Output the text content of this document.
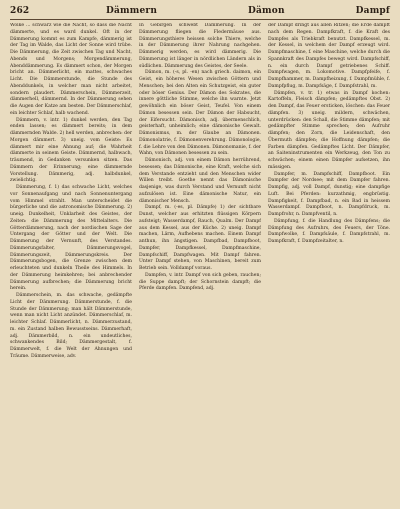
262	Dämmern	Dämon	Dampf

Wolke ... schwarz wie die Nacht, so dass die Nacht dämmerte, und es ward dunkel. Oft in der Dämmerung kommt es zum Kampfe, dämmerig ist der Tag im Walde, das Licht der Sonne wird trübe. Die Dämmerung, die Zeit zwischen Tag und Nacht, Abends und Morgens; Morgendämmerung, Abenddämmerung. Es dämmert schon, der Morgen bricht an. Dämmerlicht, ein mattes, schwaches Licht. Die Dämmerstunde, die Stunde des Abenddunkels, in welcher man nicht arbeitet, sondern plaudert. Dämmerschein, Dämmerzeit, dämmerhell, dämmernd. In der Dämmerung sehen die Augen der Katze am besten. Der Dämmerschlaf, ein leichter Schlaf, halb wachend.

Dämmern, v. intr. 1) dunkel werden, den Tag enden lassen; es dämmert bereits; in dem dämmernden Walde. 2) hell werden, anbrechen: der Morgen dämmert. 3) uneig. vom Geiste: Es dämmert mir eine Ahnung auf; die Wahrheit dämmerte in seinem Geiste. Dämmernd, halbwach, träumend, in Gedanken versunken sitzen. Das Dämmern der Erinnerung; eine dämmernde Vorstellung. Dämmerig, adj. halbdunkel, zwielichtig.

Dämmerung, f. 1) das schwache Licht, welches vor Sonnenaufgang und nach Sonnenuntergang vom Himmel strahlt. Man unterscheidet die bürgerliche und die astronomische Dämmerung. 2) uneig. Dunkelheit, Unklarheit des Geistes, der Zeiten: die Dämmerung des Mittelalters. Die Götterdämmerung, nach der nordischen Sage der Untergang der Götter und der Welt. Die Dämmerung der Vernunft, des Verstandes. Dämmerungsfalter, Dämmerungsvogel, Dämmerungszeit, Dämmerungskreis. Der Dämmerungsbogen, die Grenze zwischen dem erleuchteten und dunkeln Theile des Himmels. In der Dämmerung heimkehren; bei anbrechender Dämmerung aufbrechen; die Dämmerung bricht herein.

Dämmerschein, m. das schwache, gedämpfte Licht der Dämmerung. Dämmerstunde, f. die Stunde der Dämmerung; man hält Dämmerstunde, wenn man nicht Licht anzündet. Dämmerschlaf, m. leichter Schlaf. Dämmerlicht, n. Dämmerzustand, m. ein Zustand halben Bewusstseins. Dämmerhaft, adj. Dämmerbild, n. ein undeutliches, schwankendes Bild; Dämmergestalt, f. Dämmerwelt, f. die Welt der Ahnungen und Träume. Dämmerweise, adv.

In Gebirgen schwebt Dämmerung. In der Dämmerung fliegen die Fledermäuse aus. Dämmerungsthiere heissen solche Thiere, welche in der Dämmerung ihrer Nahrung nachgehen. Dämmerig werden, es wird dämmerig. Die Dämmerung ist länger in nördlichen Ländern als in südlichen. Dämmerung des Geistes, der Seele.

Dämon, m. (-s, pl. -en) nach griech. daimon, ein Geist, ein höheres Wesen zwischen Göttern und Menschen; bei den Alten ein Schutzgeist, ein guter oder böser Genius. Der Dämon des Sokrates, die innere göttliche Stimme, welche ihn warnte. Jetzt gewöhnlich ein böser Geist, Teufel. Von einem Dämon besessen sein. Der Dämon der Habsucht, der Eifersucht. Dämonisch, adj. übermenschlich, geisterhaft, unheimlich; eine dämonische Gewalt. Dämonismus, m. der Glaube an Dämonen. Dämonolatrie, f. Dämonenverehrung. Dämonologie, f. die Lehre von den Dämonen. Dämonomanie, f. der Wahn, von Dämonen besessen zu sein.

Dämonisch, adj. von einem Dämon herrührend, besessen; das Dämonische, eine Kraft, welche sich dem Verstande entzieht und den Menschen wider Willen treibt. Goethe nennt das Dämonische dasjenige, was durch Verstand und Vernunft nicht aufzulösen ist. Eine dämonische Natur, ein dämonischer Mensch.

Dampf, m. (-es, pl. Dämpfe) 1) der sichtbare Dunst, welcher aus erhitzten flüssigen Körpern aufsteigt; Wasserdampf, Rauch, Qualm. Der Dampf aus dem Kessel, aus der Küche. 2) uneig. Dampf machen, Lärm, Aufhebens machen. Einem Dampf anthun, ihn ängstigen. Dampfbad, Dampfboot, Dampfer, Dampfkessel, Dampfmaschine, Dampfschiff, Dampfwagen. Mit Dampf fahren. Unter Dampf stehen, von Maschinen, bereit zum Betrieb sein. Volldampf voraus.

Dampfen, v. intr. Dampf von sich geben, rauchen; die Suppe dampft; der Schornstein dampft; die Pferde dampfen. Dampfend, adj.

der Dampf dringt aus allen Ritzen; die Erde dampft nach dem Regen. Dampfkraft, f. die Kraft des Dampfes als Triebkraft benutzt. Dampfkessel, m. der Kessel, in welchem der Dampf erzeugt wird. Dampfmaschine, f. eine Maschine, welche durch die Spannkraft des Dampfes bewegt wird. Dampfschiff, n. ein durch Dampf getriebenes Schiff. Dampfwagen, m. Lokomotive. Dampfpfeife, f. Dampfhammer, m. Dampfheizung, f. Dampfmühle, f. Dampfpflug, m. Dampfsäge, f. Dampfstrahl, m.

Dämpfen, v. tr. 1) etwas in Dampf kochen: Kartoffeln, Fleisch dämpfen; gedämpftes Obst. 2) den Dampf, das Feuer ersticken, löschen: das Feuer dämpfen. 3) uneig. mildern, schwächen, unterdrücken: den Schall, die Stimme dämpfen; mit gedämpfter Stimme sprechen; den Aufruhr dämpfen; den Zorn, die Leidenschaft, den Übermuth dämpfen; die Hoffnung dämpfen; die Farben dämpfen. Gedämpftes Licht. Der Dämpfer, an Saiteninstrumenten ein Werkzeug, den Ton zu schwächen; einem einen Dämpfer aufsetzen, ihn mässigen.

Dampfer, m. Dampfschiff, Dampfboot. Ein Dampfer der Nordsee; mit dem Dampfer fahren. Dampfig, adj. voll Dampf, dunstig; eine dampfige Luft. Bei Pferden: kurzathmig, engbrüstig. Dampfigkeit, f. Dampfbad, n. ein Bad in heissem Wasserdampf. Dampfboot, n. Dampfdruck, m. Dampfrohr, n. Dampfventil, n.

Dämpfung, f. die Handlung des Dämpfens; die Dämpfung des Aufruhrs, des Feuers, der Töne. Dampfwolke, f. Dampfsäule, f. Dampfstrahl, m. Dampfkraft, f. Dampfzeitalter, n.
